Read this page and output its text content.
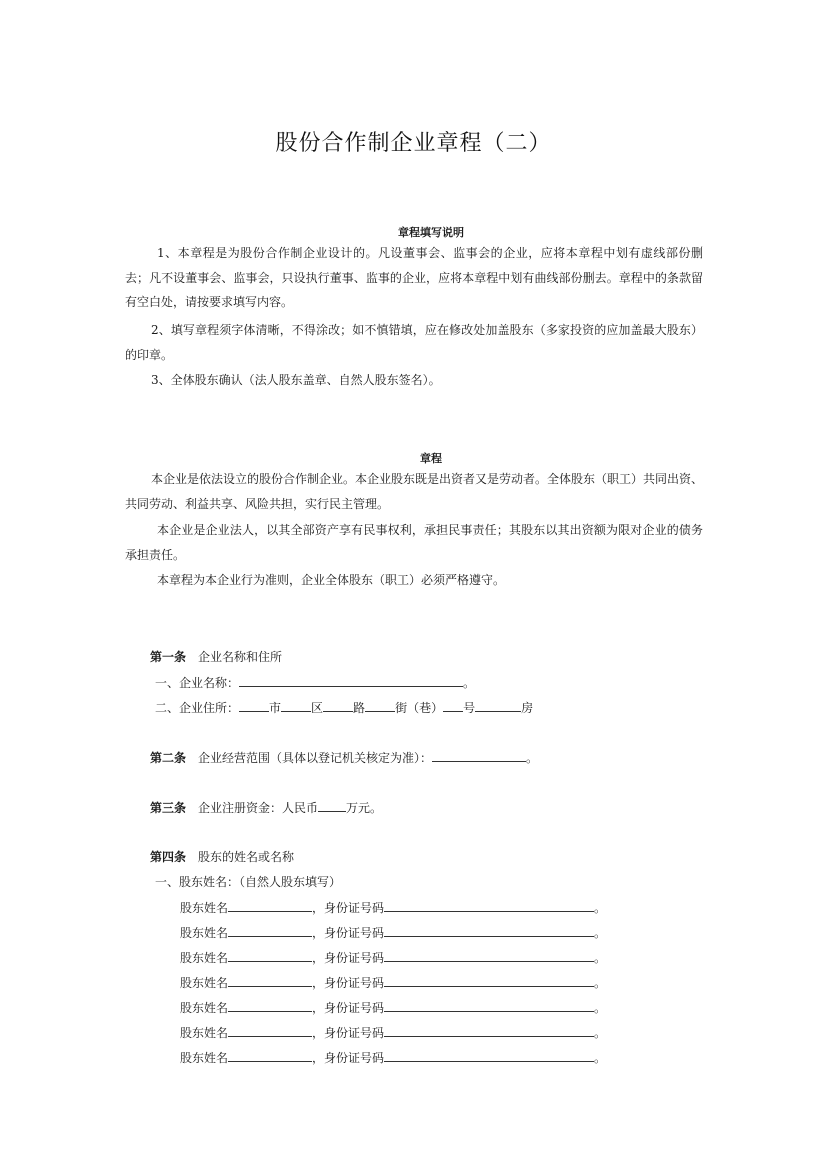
股份合作制企业章程（二）
章程填写说明
1、本章程是为股份合作制企业设计的。凡设董事会、监事会的企业，应将本章程中划有虚线部份删去；凡不设董事会、监事会，只设执行董事、监事的企业，应将本章程中划有曲线部份删去。章程中的条款留有空白处，请按要求填写内容。
2、填写章程须字体清晰，不得涂改；如不慎错填，应在修改处加盖股东（多家投资的应加盖最大股东）的印章。
3、全体股东确认（法人股东盖章、自然人股东签名）。
章程
本企业是依法设立的股份合作制企业。本企业股东既是出资者又是劳动者。全体股东（职工）共同出资、共同劳动、利益共享、风险共担，实行民主管理。
本企业是企业法人，以其全部资产享有民事权利，承担民事责任；其股东以其出资额为限对企业的债务承担责任。
本章程为本企业行为准则，企业全体股东（职工）必须严格遵守。
第一条 企业名称和住所
一、企业名称：	。
二、企业住所：	市	区	路	街（巷） 号	房
第二条 企业经营范围（具体以登记机关核定为准）：	。
第三条 企业注册资金：人民币 万元。
第四条 股东的姓名或名称
一、股东姓名：（自然人股东填写）
股东姓名	，身份证号码	。
股东姓名	，身份证号码	。
股东姓名	，身份证号码	。
股东姓名	，身份证号码	。
股东姓名	，身份证号码	。
股东姓名	，身份证号码	。
股东姓名	，身份证号码	。
